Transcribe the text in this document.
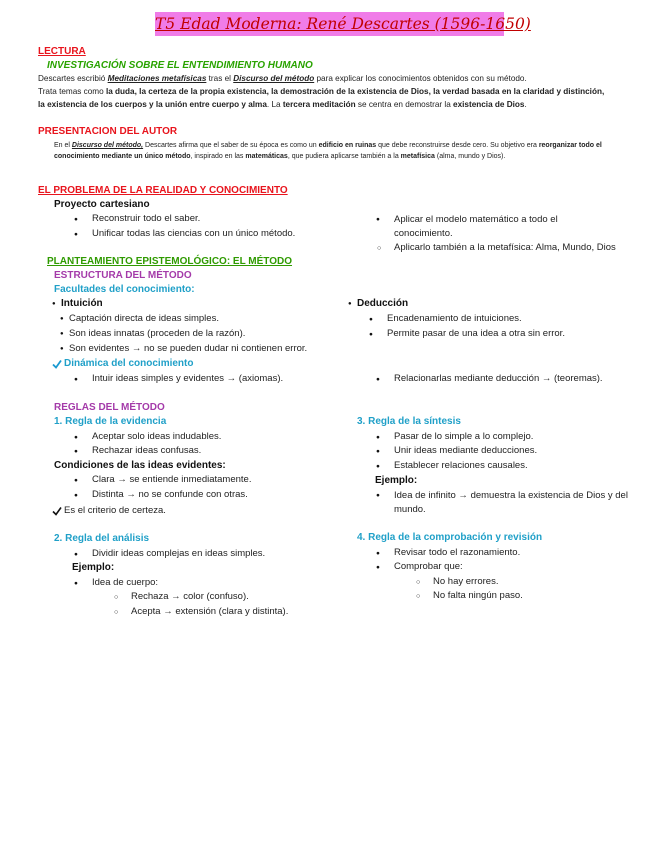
T5 Edad Moderna: René Descartes (1596-1650)
LECTURA
INVESTIGACIÓN SOBRE EL ENTENDIMIENTO HUMANO
Descartes escribió Meditaciones metafísicas tras el Discurso del método para explicar los conocimientos obtenidos con su método.
Trata temas como la duda, la certeza de la propia existencia, la demostración de la existencia de Dios, la verdad basada en la claridad y distinción, la existencia de los cuerpos y la unión entre cuerpo y alma. La tercera meditación se centra en demostrar la existencia de Dios.
PRESENTACION DEL AUTOR
En el Discurso del método, Descartes afirma que el saber de su época es como un edificio en ruinas que debe reconstruirse desde cero. Su objetivo era reorganizar todo el conocimiento mediante un único método, inspirado en las matemáticas, que pudiera aplicarse también a la metafísica (alma, mundo y Dios).
EL PROBLEMA DE LA REALIDAD Y CONOCIMIENTO
Proyecto cartesiano
● Reconstruir todo el saber.
● Unificar todas las ciencias con un único método.
● Aplicar el modelo matemático a todo el conocimiento.
○ Aplicarlo también a la metafísica: Alma, Mundo, Dios
PLANTEAMIENTO EPISTEMOLÓGICO: EL MÉTODO
ESTRUCTURA DEL MÉTODO
Facultades del conocimiento:
● Intuición
● Captación directa de ideas simples.
● Son ideas innatas (proceden de la razón).
● Son evidentes → no se pueden dudar ni contienen error.
● Deducción
● Encadenamiento de intuiciones.
● Permite pasar de una idea a otra sin error.
Dinámica del conocimiento
● Intuir ideas simples y evidentes → (axiomas).
●	Relacionarlas mediante deducción → (teoremas).
REGLAS DEL MÉTODO
1. Regla de la evidencia
● Aceptar solo ideas indudables.
● Rechazar ideas confusas.
Condiciones de las ideas evidentes:
● Clara → se entiende inmediatamente.
● Distinta → no se confunde con otras.
Es el criterio de certeza.
2. Regla del análisis
● Dividir ideas complejas en ideas simples.
Ejemplo:
● Idea de cuerpo:
○ Rechaza → color (confuso).
○ Acepta → extensión (clara y distinta).
3. Regla de la síntesis
● Pasar de lo simple a lo complejo.
● Unir ideas mediante deducciones.
● Establecer relaciones causales.
Ejemplo:
● Idea de infinito → demuestra la existencia de Dios y del mundo.
4. Regla de la comprobación y revisión
● Revisar todo el razonamiento.
● Comprobar que:
○ No hay errores.
○ No falta ningún paso.
